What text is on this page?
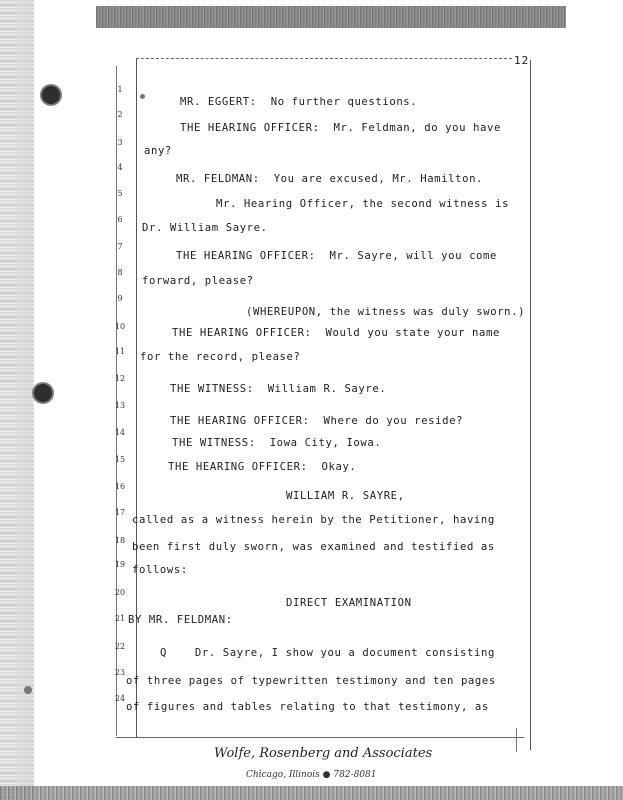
12
1
MR. EGGERT:  No further questions.
2
THE HEARING OFFICER:  Mr. Feldman, do you have
3
any?
4
MR. FELDMAN:  You are excused, Mr. Hamilton.
5
Mr. Hearing Officer, the second witness is
6
Dr. William Sayre.
7
THE HEARING OFFICER:  Mr. Sayre, will you come
8
forward, please?
9
(WHEREUPON, the witness was duly sworn.)
10
THE HEARING OFFICER:  Would you state your name
11 for the record, please?
12
THE WITNESS:  William R. Sayre.
13
THE HEARING OFFICER:  Where do you reside?
14
THE WITNESS:  Iowa City, Iowa.
15
THE HEARING OFFICER:  Okay.
16
WILLIAM R. SAYRE,
17
called as a witness herein by the Petitioner, having
18
been first duly sworn, was examined and testified as
19 follows:
20
DIRECT EXAMINATION
21 BY MR. FELDMAN:
22
Q    Dr. Sayre, I show you a document consisting
23
of three pages of typewritten testimony and ten pages
24
of figures and tables relating to that testimony, as
Wolfe, Rosenberg and Associates
Chicago, Illinois ● 782-8081
